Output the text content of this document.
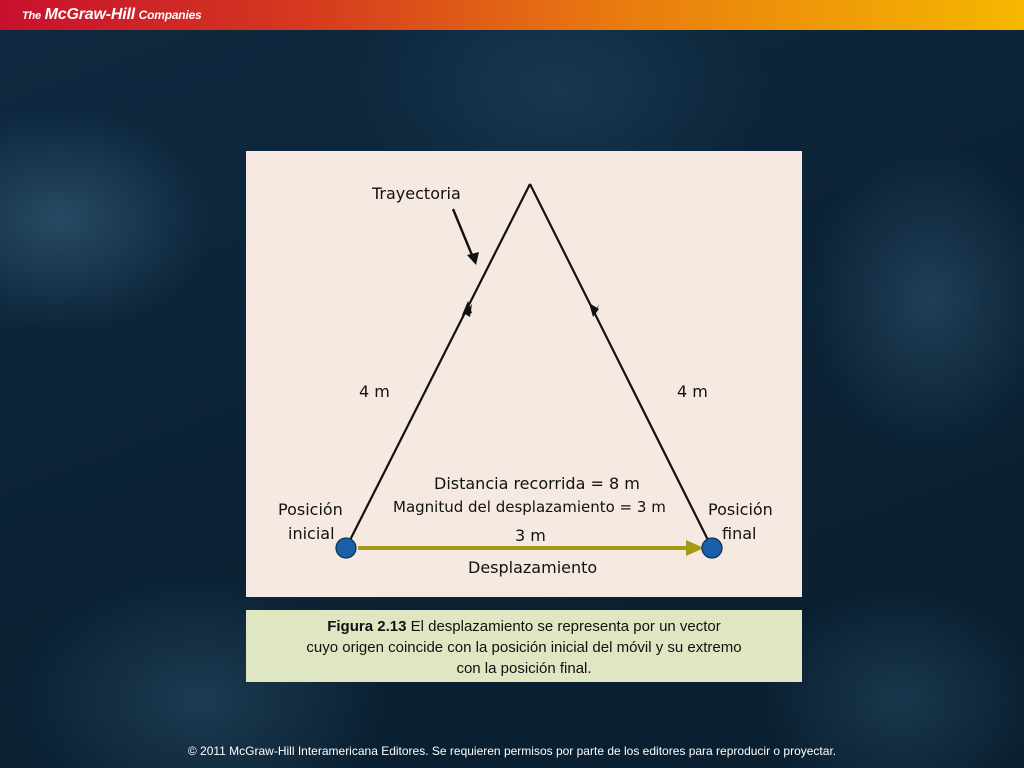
The McGraw-Hill Companies
Trayectoria
4 m	4 m
Distancia recorrida = 8 m
Magnitud del desplazamiento = 3 m
Posición
inicial
Posición
final
3 m
Desplazamiento
Figura 2.13 El desplazamiento se representa por un vector
cuyo origen coincide con la posición inicial del móvil y su extremo
con la posición final.
© 2011 McGraw-Hill Interamericana Editores. Se requieren permisos por parte de los editores para reproducir o proyectar.
